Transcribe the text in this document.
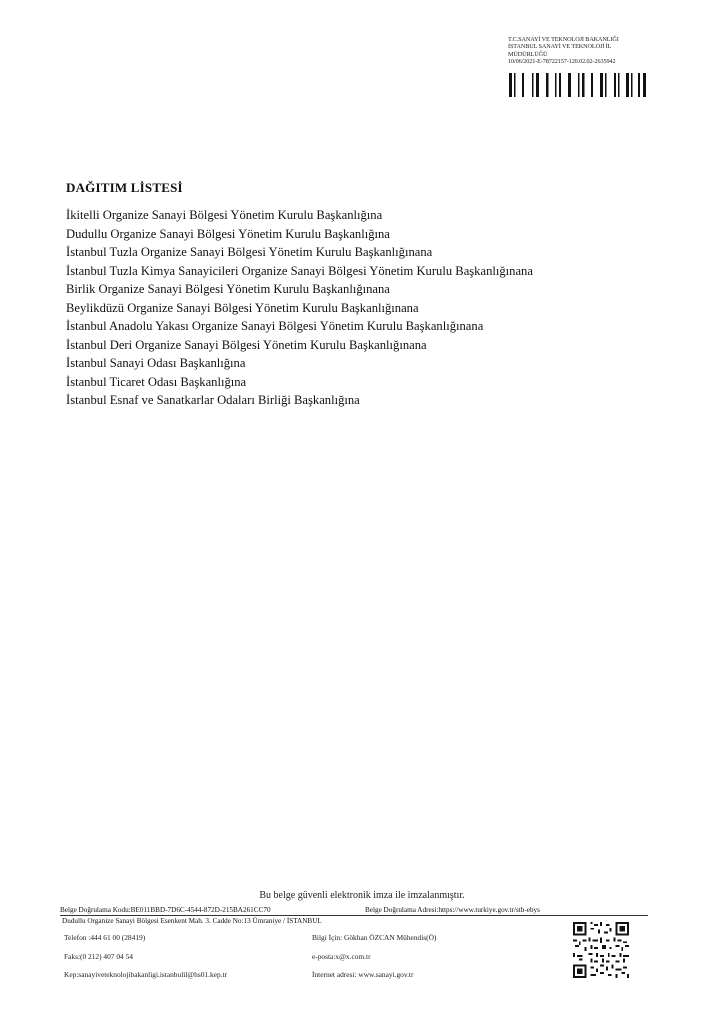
T.C.SANAYİ VE TEKNOLOJİ BAKANLIĞI
İSTANBUL SANAYİ VE TEKNOLOJİ İL
MÜDÜRLÜĞÜ
10/06/2021-E-78722157-120.02.02-2635942
DAĞITIM LİSTESİ
İkitelli Organize Sanayi Bölgesi Yönetim Kurulu Başkanlığına
Dudullu Organize Sanayi Bölgesi Yönetim Kurulu Başkanlığına
İstanbul Tuzla Organize Sanayi Bölgesi Yönetim Kurulu Başkanlığınana
İstanbul Tuzla Kimya Sanayicileri Organize Sanayi Bölgesi Yönetim Kurulu Başkanlığınana
Birlik Organize Sanayi Bölgesi Yönetim Kurulu Başkanlığınana
Beylikdüzü Organize Sanayi Bölgesi Yönetim Kurulu Başkanlığınana
İstanbul Anadolu Yakası Organize Sanayi Bölgesi Yönetim Kurulu Başkanlığınana
İstanbul Deri Organize Sanayi Bölgesi Yönetim Kurulu Başkanlığınana
İstanbul Sanayi Odası Başkanlığına
İstanbul Ticaret Odası Başkanlığına
İstanbul Esnaf ve Sanatkarlar Odaları Birliği Başkanlığına
Bu belge güvenli elektronik imza ile imzalanmıştır.
Belge Doğrulama Kodu:BE011BBD-7D6C-4544-872D-215BA261CC70	Belge Doğrulama Adresi:https://www.turkiye.gov.tr/stb-ebys
Dudullu Organize Sanayi Bölgesi Esenkent Mah. 3. Cadde No:13 Ümraniye / İSTANBUL
Telefon :444 61 00 (28419)
Faks:(0 212) 407 04 54
Kep:sanayiveteknolojibakanligi.istanbulil@hs01.kep.tr
Bilgi İçin: Gökhan ÖZCAN Mühendis(Ö)
e-posta:x@x.com.tr
İnternet adresi: www.sanayi.gov.tr
